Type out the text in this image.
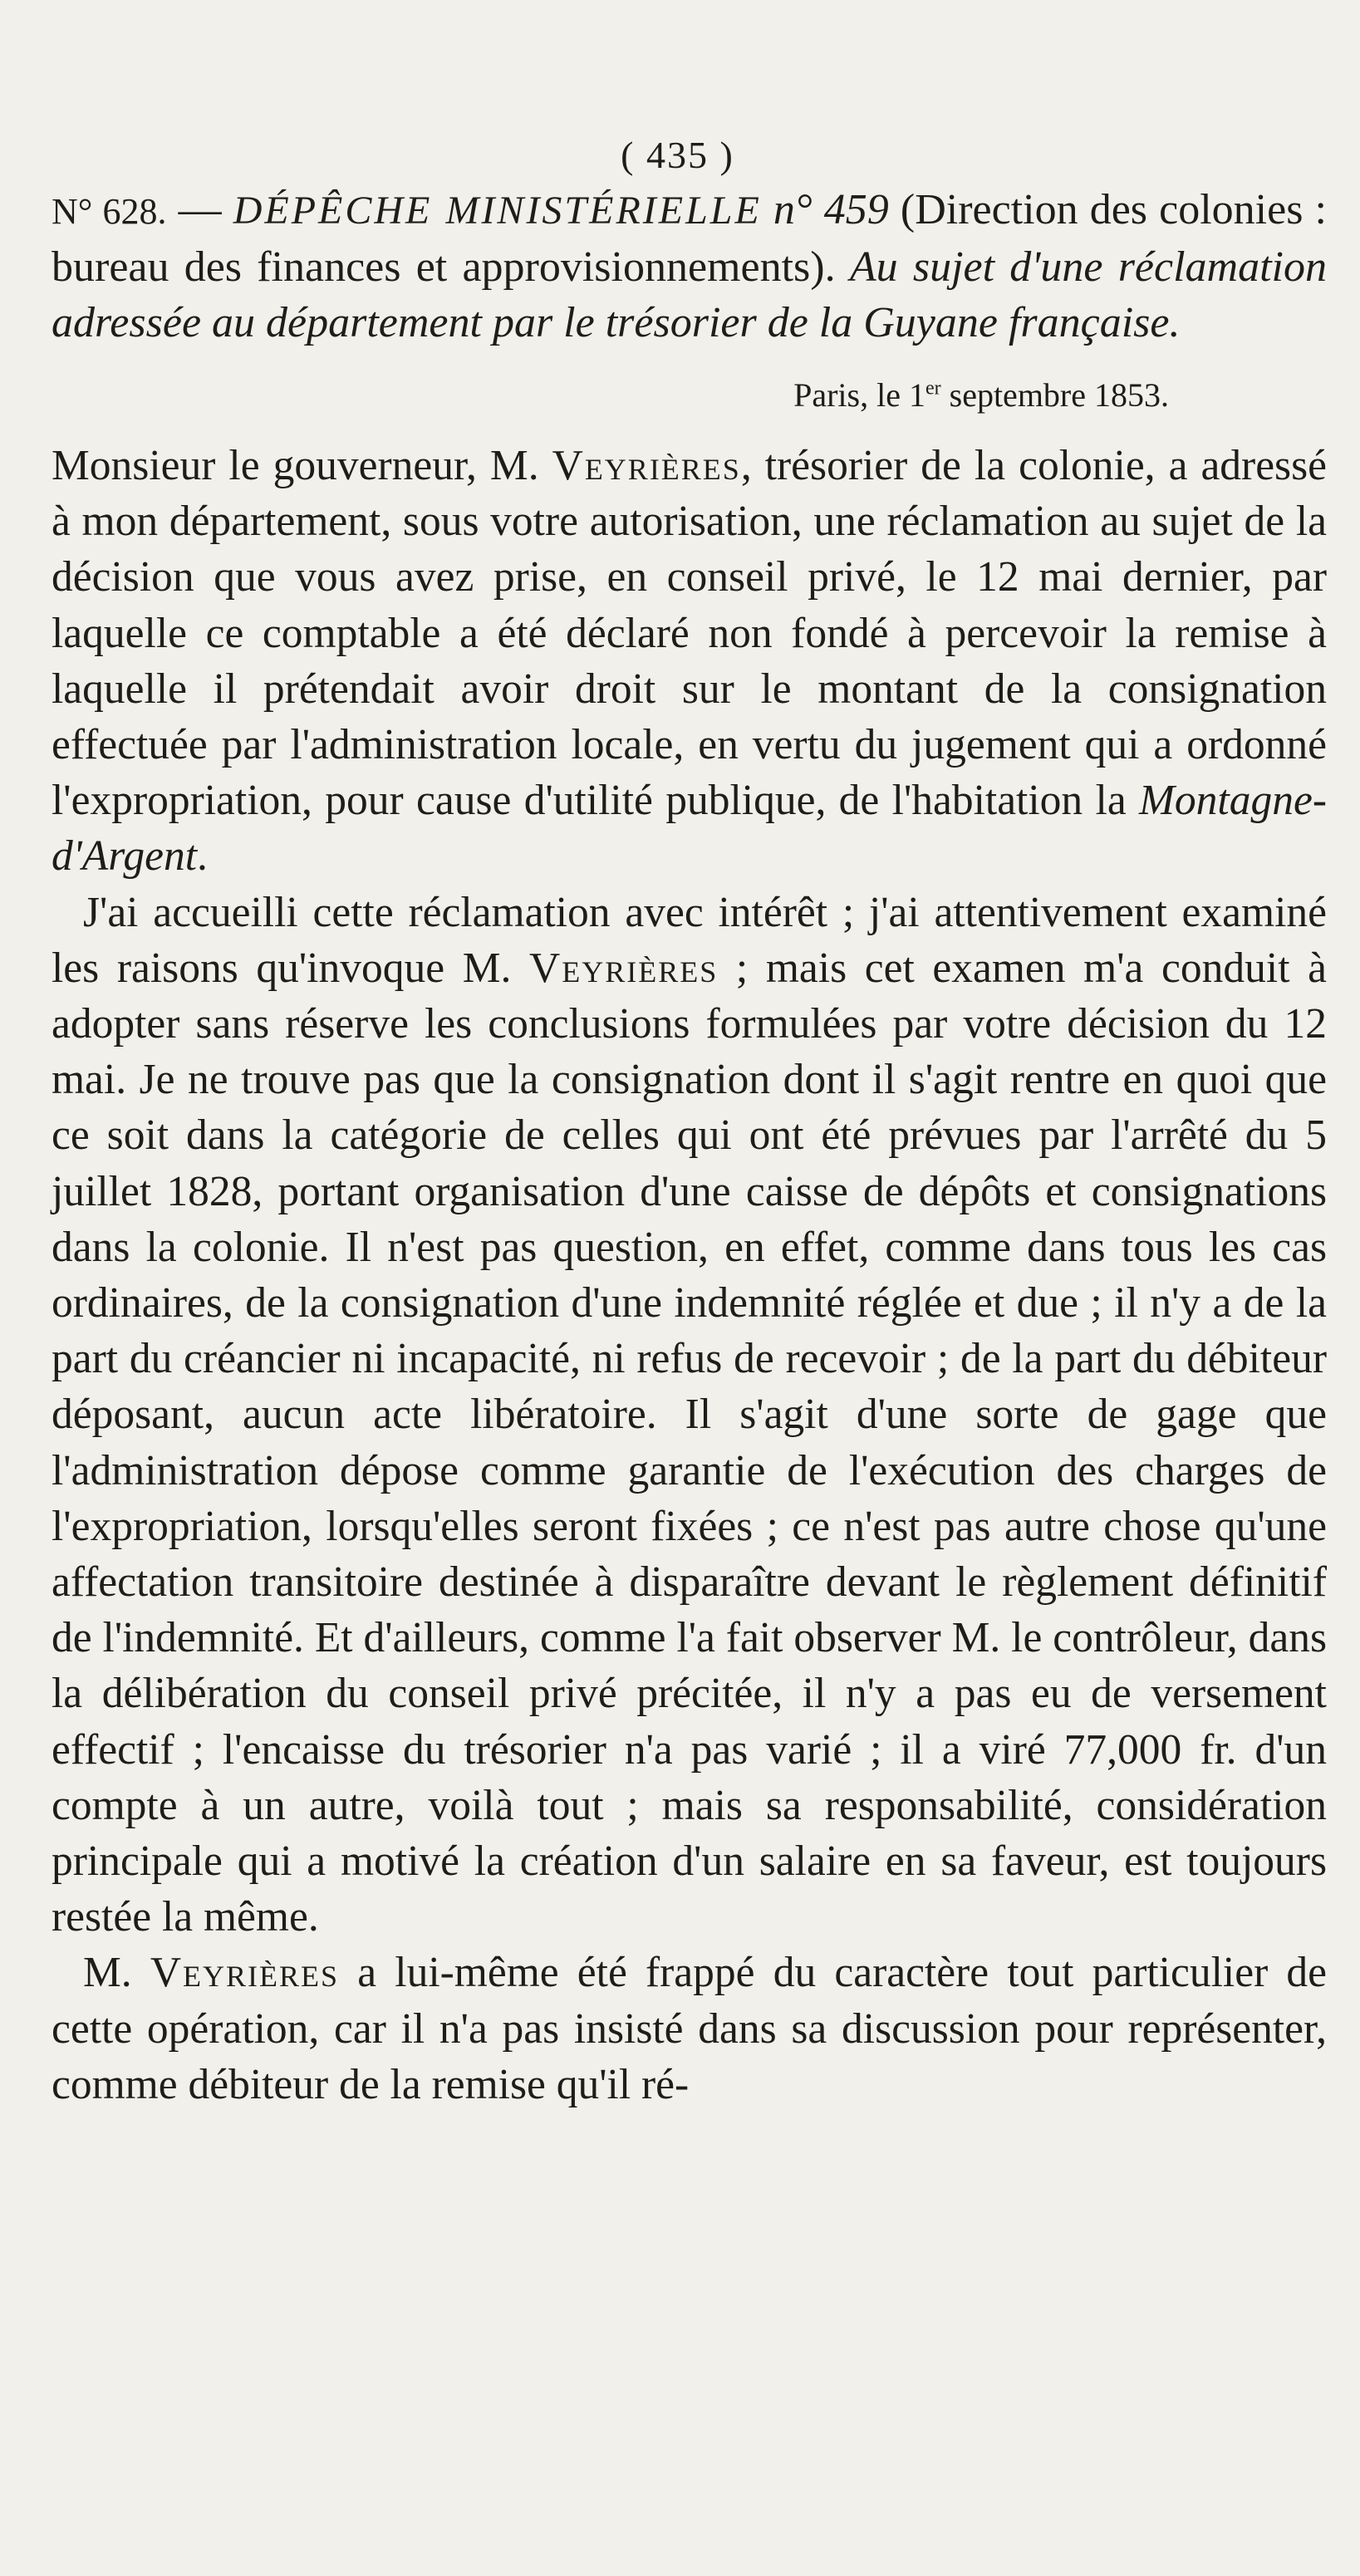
( 435 )

N° 628. — DÉPÊCHE MINISTÉRIELLE n° 459 (Direction des colonies : bureau des finances et approvisionnements). Au sujet d'une réclamation adressée au département par le trésorier de la Guyane française.

Paris, le 1er septembre 1853.

Monsieur le gouverneur, M. Veyrières, trésorier de la colonie, a adressé à mon département, sous votre autorisation, une réclamation au sujet de la décision que vous avez prise, en conseil privé, le 12 mai dernier, par laquelle ce comptable a été déclaré non fondé à percevoir la remise à laquelle il prétendait avoir droit sur le montant de la consignation effectuée par l'administration locale, en vertu du jugement qui a ordonné l'expropriation, pour cause d'utilité publique, de l'habitation la Montagne-d'Argent.

J'ai accueilli cette réclamation avec intérêt ; j'ai attentivement examiné les raisons qu'invoque M. Veyrières ; mais cet examen m'a conduit à adopter sans réserve les conclusions formulées par votre décision du 12 mai. Je ne trouve pas que la consignation dont il s'agit rentre en quoi que ce soit dans la catégorie de celles qui ont été prévues par l'arrêté du 5 juillet 1828, portant organisation d'une caisse de dépôts et consignations dans la colonie. Il n'est pas question, en effet, comme dans tous les cas ordinaires, de la consignation d'une indemnité réglée et due ; il n'y a de la part du créancier ni incapacité, ni refus de recevoir ; de la part du débiteur déposant, aucun acte libératoire. Il s'agit d'une sorte de gage que l'administration dépose comme garantie de l'exécution des charges de l'expropriation, lorsqu'elles seront fixées ; ce n'est pas autre chose qu'une affectation transitoire destinée à disparaître devant le règlement définitif de l'indemnité. Et d'ailleurs, comme l'a fait observer M. le contrôleur, dans la délibération du conseil privé précitée, il n'y a pas eu de versement effectif ; l'encaisse du trésorier n'a pas varié ; il a viré 77,000 fr. d'un compte à un autre, voilà tout ; mais sa responsabilité, considération principale qui a motivé la création d'un salaire en sa faveur, est toujours restée la même.

M. Veyrières a lui-même été frappé du caractère tout particulier de cette opération, car il n'a pas insisté dans sa discussion pour représenter, comme débiteur de la remise qu'il ré-
